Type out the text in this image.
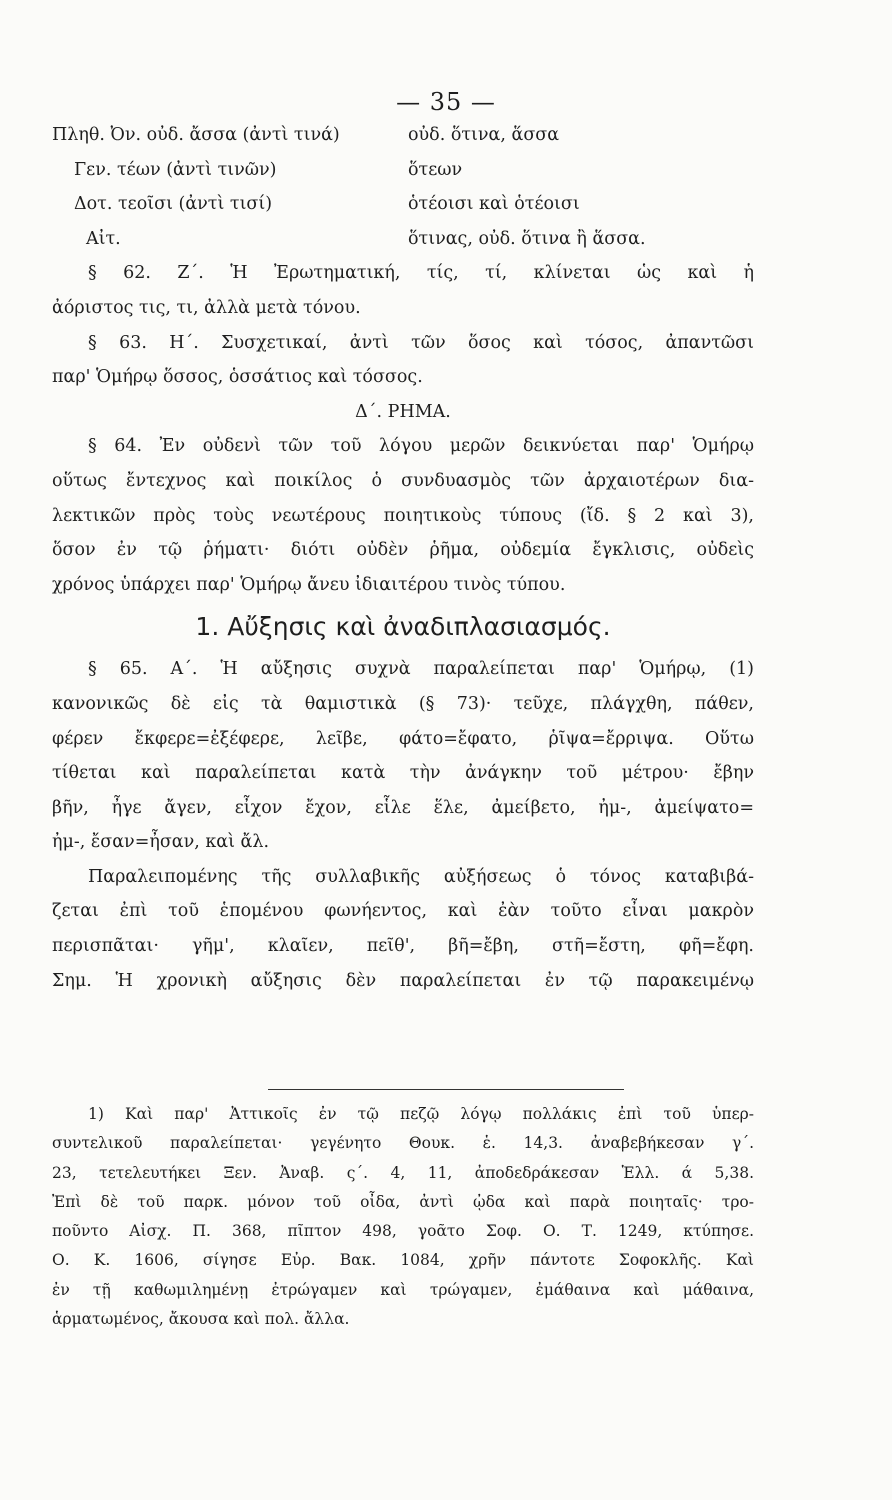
— 35 —
Πληθ. Ὀν. οὐδ. ἄσσα (ἀντὶ τινά)	οὐδ. ὅτινα, ἅσσα
Γεν. τέων (ἀντὶ τινῶν)	ὅτεων
Δοτ. τεοῖσι (ἀντὶ τισί)	ὁτέοισι καὶ ὁτέοισι
Αἰτ.	ὅτινας, οὐδ. ὅτινα ἢ ἅσσα.
§ 62. Ζ΄. Ἡ Ἐρωτηματική, τίς, τί, κλίνεται ὡς καὶ ἡ
ἀόριστος τις, τι, ἀλλὰ μετὰ τόνου.
§ 63. Η΄. Συσχετικαί, ἀντὶ τῶν ὅσος καὶ τόσος, ἀπαντῶσι
παρ' Ὁμήρῳ ὅσσος, ὁσσάτιος καὶ τόσσος.
Δ΄. ΡΗΜΑ.
§ 64. Ἐν οὐδενὶ τῶν τοῦ λόγου μερῶν δεικνύεται παρ' Ὁμήρῳ
οὕτως ἔντεχνος καὶ ποικίλος ὁ συνδυασμὸς τῶν ἀρχαιοτέρων δια-
λεκτικῶν πρὸς τοὺς νεωτέρους ποιητικοὺς τύπους (ἴδ. § 2 καὶ 3),
ὅσον ἐν τῷ ῥήματι· διότι οὐδὲν ῥῆμα, οὐδεμία ἔγκλισις, οὐδεὶς
χρόνος ὑπάρχει παρ' Ὁμήρῳ ἄνευ ἰδιαιτέρου τινὸς τύπου.
1. Αὔξησις καὶ ἀναδιπλασιασμός.
§ 65. Α΄. Ἡ αὔξησις συχνὰ παραλείπεται παρ' Ὁμήρῳ, (1)
κανονικῶς δὲ εἰς τὰ θαμιστικὰ (§ 73)· τεῦχε, πλάγχθη, πάθεν,
φέρεν ἔκφερε=ἐξέφερε, λεῖβε, φάτο=ἔφατο, ῥῖψα=ἔρριψα. Οὕτω
τίθεται καὶ παραλείπεται κατὰ τὴν ἀνάγκην τοῦ μέτρου· ἔβην
βῆν, ἦγε ἄγεν, εἶχον ἔχον, εἷλε ἕλε, ἀμείβετο, ἠμ-, ἀμείψατο=
ἠμ-, ἔσαν=ἦσαν, καὶ ἄλ.
Παραλειπομένης τῆς συλλαβικῆς αὐξήσεως ὁ τόνος καταβιβά-
ζεται ἐπὶ τοῦ ἑπομένου φωνήεντος, καὶ ἐὰν τοῦτο εἶναι μακρὸν
περισπᾶται· γῆμ', κλαῖεν, πεῖθ', βῆ=ἔβη, στῆ=ἔστη, φῆ=ἔφη.
Σημ. Ἡ χρονικὴ αὔξησις δὲν παραλείπεται ἐν τῷ παρακειμένῳ
1) Καὶ παρ' Ἀττικοῖς ἐν τῷ πεζῷ λόγῳ πολλάκις ἐπὶ τοῦ ὑπερ-
συντελικοῦ παραλείπεται· γεγένητο Θουκ. ἑ. 14,3. ἀναβεβήκεσαν γ΄.
23, τετελευτήκει Ξεν. Ἀναβ. ς΄. 4, 11, ἀποδεδράκεσαν Ἑλλ. ά 5,38.
Ἐπὶ δὲ τοῦ παρκ. μόνον τοῦ οἶδα, ἀντὶ ᾠδα καὶ παρὰ ποιηταῖς· τρο-
ποῦντο Αἰσχ. Π. 368, πῖπτον 498, γοᾶτο Σοφ. Ο. Τ. 1249, κτύπησε.
Ο. Κ. 1606, σίγησε Εὐρ. Βακ. 1084, χρῆν πάντοτε Σοφοκλῆς. Καὶ
ἐν τῇ καθωμιλημένῃ ἐτρώγαμεν καὶ τρώγαμεν, ἐμάθαινα καὶ μάθαινα,
ἁρματωμένος, ἄκουσα καὶ πολ. ἄλλα.
